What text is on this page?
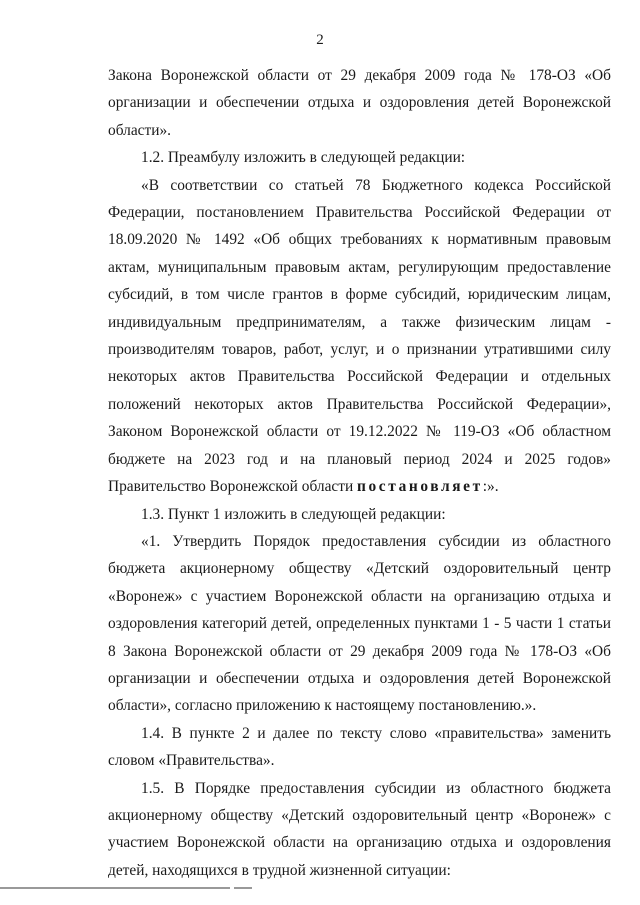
2

Закона Воронежской области от 29 декабря 2009 года № 178-ОЗ «Об организации и обеспечении отдыха и оздоровления детей Воронежской области».

1.2. Преамбулу изложить в следующей редакции:

«В соответствии со статьей 78 Бюджетного кодекса Российской Федерации, постановлением Правительства Российской Федерации от 18.09.2020 № 1492 «Об общих требованиях к нормативным правовым актам, муниципальным правовым актам, регулирующим предоставление субсидий, в том числе грантов в форме субсидий, юридическим лицам, индивидуальным предпринимателям, а также физическим лицам - производителям товаров, работ, услуг, и о признании утратившими силу некоторых актов Правительства Российской Федерации и отдельных положений некоторых актов Правительства Российской Федерации», Законом Воронежской области от 19.12.2022 № 119-ОЗ «Об областном бюджете на 2023 год и на плановый период 2024 и 2025 годов» Правительство Воронежской области постановляет:».

1.3. Пункт 1 изложить в следующей редакции:

«1. Утвердить Порядок предоставления субсидии из областного бюджета акционерному обществу «Детский оздоровительный центр «Воронеж» с участием Воронежской области на организацию отдыха и оздоровления категорий детей, определенных пунктами 1 - 5 части 1 статьи 8 Закона Воронежской области от 29 декабря 2009 года № 178-ОЗ «Об организации и обеспечении отдыха и оздоровления детей Воронежской области», согласно приложению к настоящему постановлению.».

1.4. В пункте 2 и далее по тексту слово «правительства» заменить словом «Правительства».

1.5. В Порядке предоставления субсидии из областного бюджета акционерному обществу «Детский оздоровительный центр «Воронеж» с участием Воронежской области на организацию отдыха и оздоровления детей, находящихся в трудной жизненной ситуации:
